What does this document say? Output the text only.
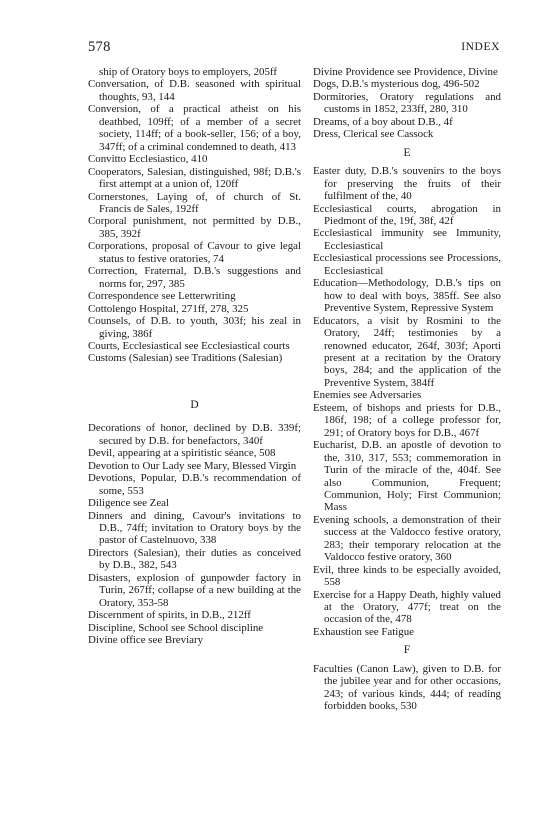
578	INDEX

ship of Oratory boys to employers, 205ff

Conversation, of D.B. seasoned with spiritual thoughts, 93, 144

Conversion, of a practical atheist on his deathbed, 109ff; of a member of a secret society, 114ff; of a book-seller, 156; of a boy, 347ff; of a criminal condemned to death, 413

Convitto Ecclesiastico, 410

Cooperators, Salesian, distinguished, 98f; D.B.'s first attempt at a union of, 120ff

Cornerstones, Laying of, of church of St. Francis de Sales, 192ff

Corporal punishment, not permitted by D.B., 385, 392f

Corporations, proposal of Cavour to give legal status to festive oratories, 74

Correction, Fraternal, D.B.'s suggestions and norms for, 297, 385

Correspondence see Letterwriting

Cottolengo Hospital, 271ff, 278, 325

Counsels, of D.B. to youth, 303f; his zeal in giving, 386f

Courts, Ecclesiastical see Ecclesiastical courts

Customs (Salesian) see Traditions (Salesian)

D

Decorations of honor, declined by D.B. 339f; secured by D.B. for benefactors, 340f

Devil, appearing at a spiritistic séance, 508

Devotion to Our Lady see Mary, Blessed Virgin

Devotions, Popular, D.B.'s recommendation of some, 553

Diligence see Zeal

Dinners and dining, Cavour's invitations to D.B., 74ff; invitation to Oratory boys by the pastor of Castelnuovo, 338

Directors (Salesian), their duties as conceived by D.B., 382, 543

Disasters, explosion of gunpowder factory in Turin, 267ff; collapse of a new building at the Oratory, 353-58

Discernment of spirits, in D.B., 212ff

Discipline, School see School discipline

Divine office see Breviary

Divine Providence see Providence, Divine

Dogs, D.B.'s mysterious dog, 496-502

Dormitories, Oratory regulations and customs in 1852, 233ff, 280, 310

Dreams, of a boy about D.B., 4f

Dress, Clerical see Cassock

E

Easter duty, D.B.'s souvenirs to the boys for preserving the fruits of their fulfilment of the, 40

Ecclesiastical courts, abrogation in Piedmont of the, 19f, 38f, 42f

Ecclesiastical immunity see Immunity, Ecclesiastical

Ecclesiastical processions see Processions, Ecclesiastical

Education—Methodology, D.B.'s tips on how to deal with boys, 385ff. See also Preventive System, Repressive System

Educators, a visit by Rosmini to the Oratory, 24ff; testimonies by a renowned educator, 264f, 303f; Aporti present at a recitation by the Oratory boys, 284; and the application of the Preventive System, 384ff

Enemies see Adversaries

Esteem, of bishops and priests for D.B., 186f, 198; of a college professor for, 291; of Oratory boys for D.B., 467f

Eucharist, D.B. an apostle of devotion to the, 310, 317, 553; commemoration in Turin of the miracle of the, 404f. See also Communion, Frequent; Communion, Holy; First Communion; Mass

Evening schools, a demonstration of their success at the Valdocco festive oratory, 283; their temporary relocation at the Valdocco festive oratory, 360

Evil, three kinds to be especially avoided, 558

Exercise for a Happy Death, highly valued at the Oratory, 477f; treat on the occasion of the, 478

Exhaustion see Fatigue

F

Faculties (Canon Law), given to D.B. for the jubilee year and for other occasions, 243; of various kinds, 444; of reading forbidden books, 530
